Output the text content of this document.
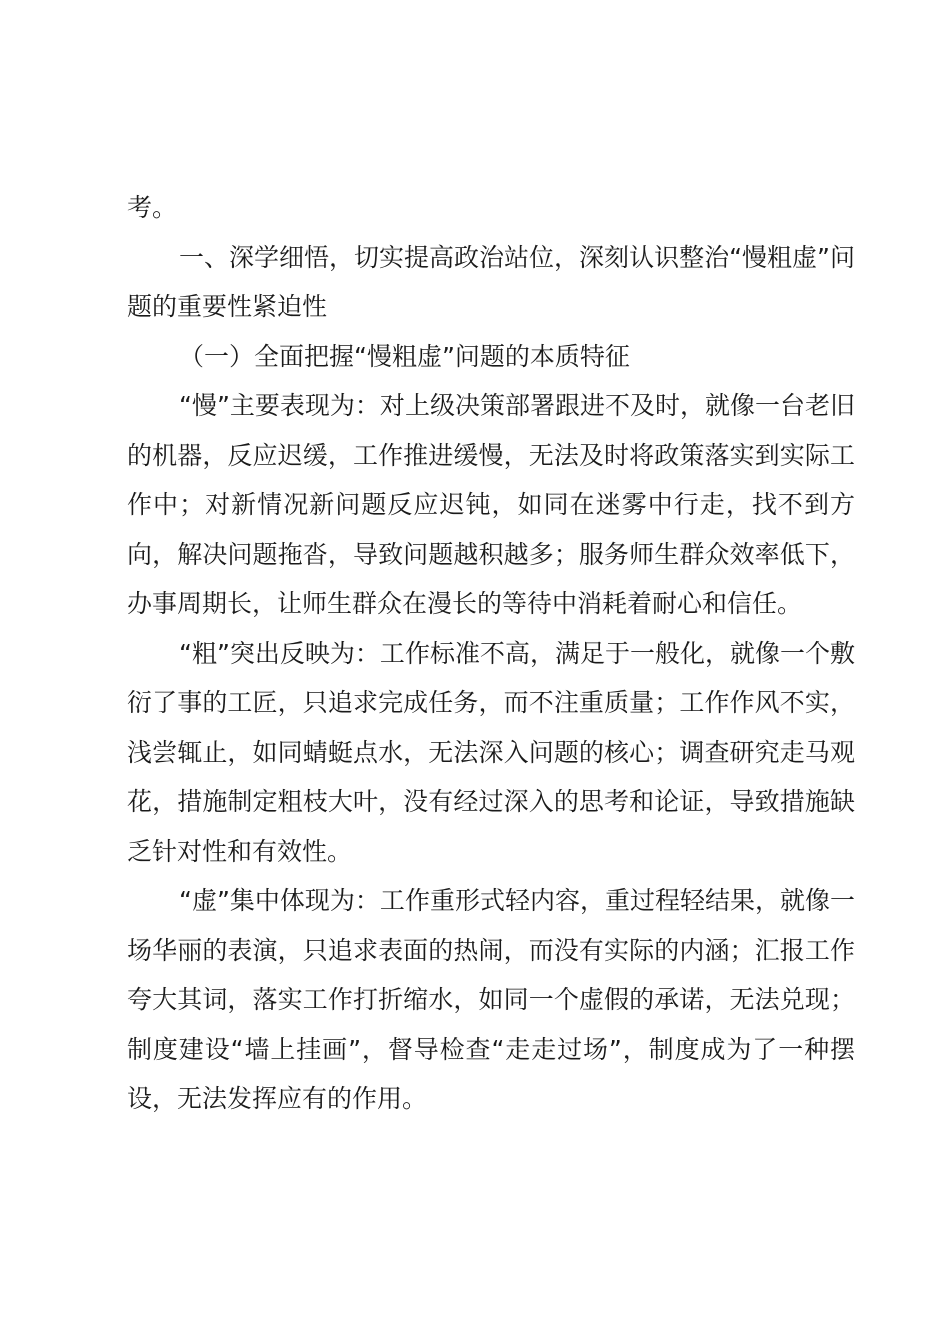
考。

一、深学细悟，切实提高政治站位，深刻认识整治“慢粗虚”问题的重要性紧迫性

（一）全面把握“慢粗虚”问题的本质特征

“慢”主要表现为：对上级决策部署跟进不及时，就像一台老旧的机器，反应迟缓，工作推进缓慢，无法及时将政策落实到实际工作中；对新情况新问题反应迟钝，如同在迷雾中行走，找不到方向，解决问题拖沓，导致问题越积越多；服务师生群众效率低下，办事周期长，让师生群众在漫长的等待中消耗着耐心和信任。

“粗”突出反映为：工作标准不高，满足于一般化，就像一个敷衍了事的工匠，只追求完成任务，而不注重质量；工作作风不实，浅尝辄止，如同蜻蜓点水，无法深入问题的核心；调查研究走马观花，措施制定粗枝大叶，没有经过深入的思考和论证，导致措施缺乏针对性和有效性。

“虚”集中体现为：工作重形式轻内容，重过程轻结果，就像一场华丽的表演，只追求表面的热闹，而没有实际的内涵；汇报工作夸大其词，落实工作打折缩水，如同一个虚假的承诺，无法兑现；制度建设“墙上挂画”，督导检查“走走过场”，制度成为了一种摆设，无法发挥应有的作用。
